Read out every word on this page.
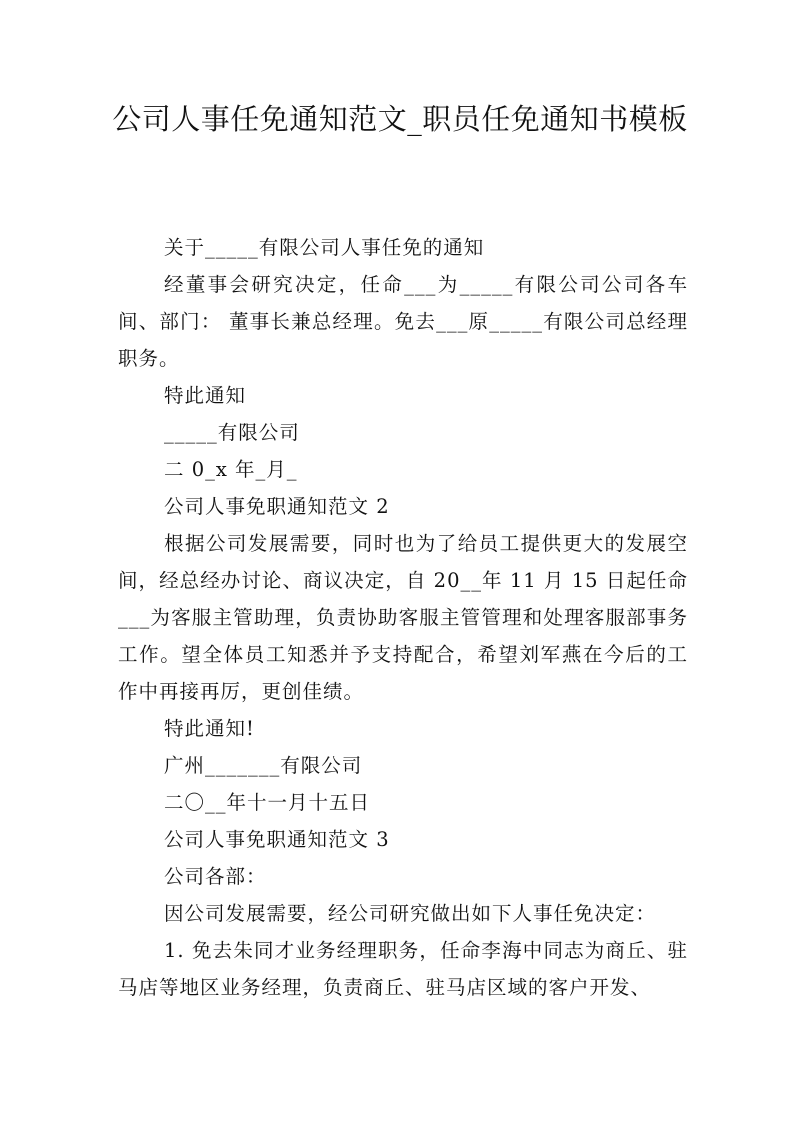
公司人事任免通知范文_职员任免通知书模板

关于_____有限公司人事任免的通知

经董事会研究决定，任命___为_____有限公司公司各车间、部门： 董事长兼总经理。免去___原_____有限公司总经理职务。

特此通知

_____有限公司

二 0_x 年_月_

公司人事免职通知范文 2

根据公司发展需要，同时也为了给员工提供更大的发展空间，经总经办讨论、商议决定，自 20__年 11 月 15 日起任命___为客服主管助理，负责协助客服主管管理和处理客服部事务工作。望全体员工知悉并予支持配合，希望刘军燕在今后的工作中再接再厉，更创佳绩。

特此通知!

广州_______有限公司

二〇__年十一月十五日

公司人事免职通知范文 3

公司各部：

因公司发展需要，经公司研究做出如下人事任免决定：

1. 免去朱同才业务经理职务，任命李海中同志为商丘、驻马店等地区业务经理，负责商丘、驻马店区域的客户开发、
